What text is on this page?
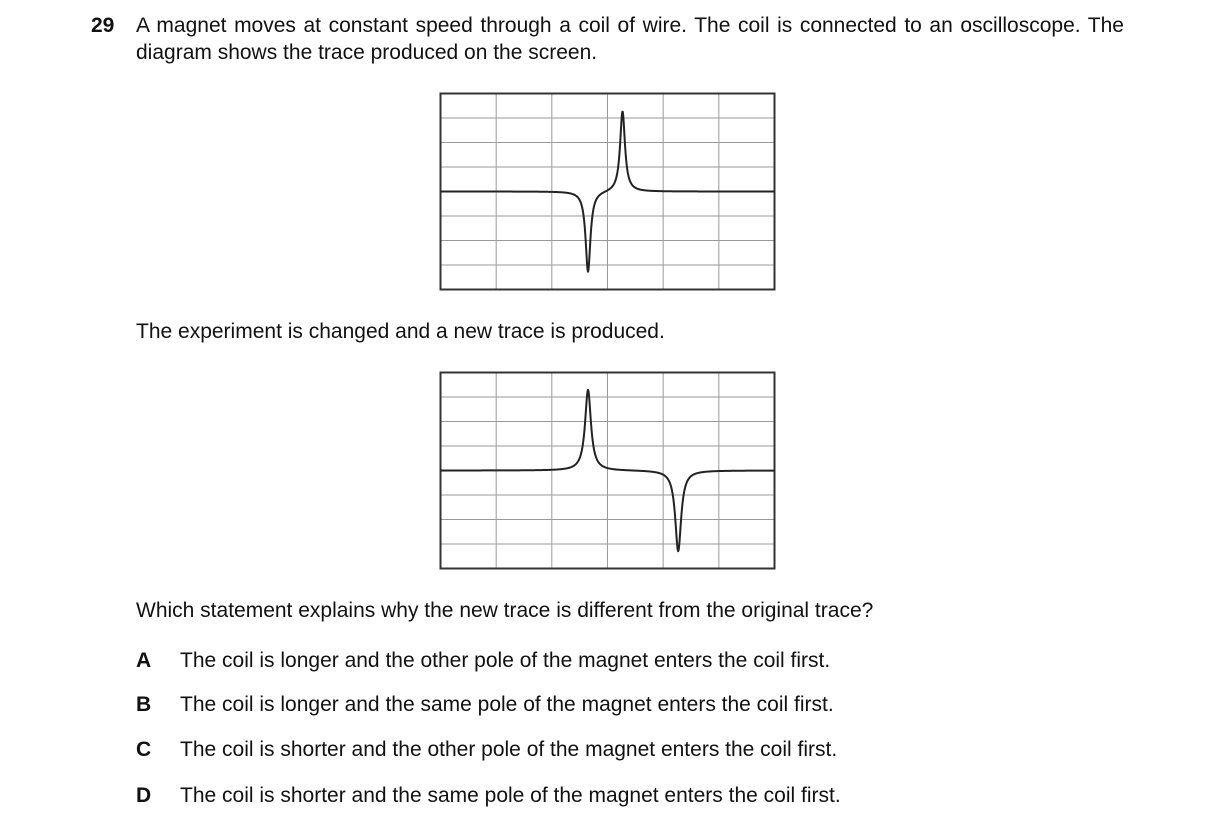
29 A magnet moves at constant speed through a coil of wire. The coil is connected to an oscilloscope. The diagram shows the trace produced on the screen.
The experiment is changed and a new trace is produced.
Which statement explains why the new trace is different from the original trace?
A	The coil is longer and the other pole of the magnet enters the coil first.
B	The coil is longer and the same pole of the magnet enters the coil first.
C	The coil is shorter and the other pole of the magnet enters the coil first.
D	The coil is shorter and the same pole of the magnet enters the coil first.
